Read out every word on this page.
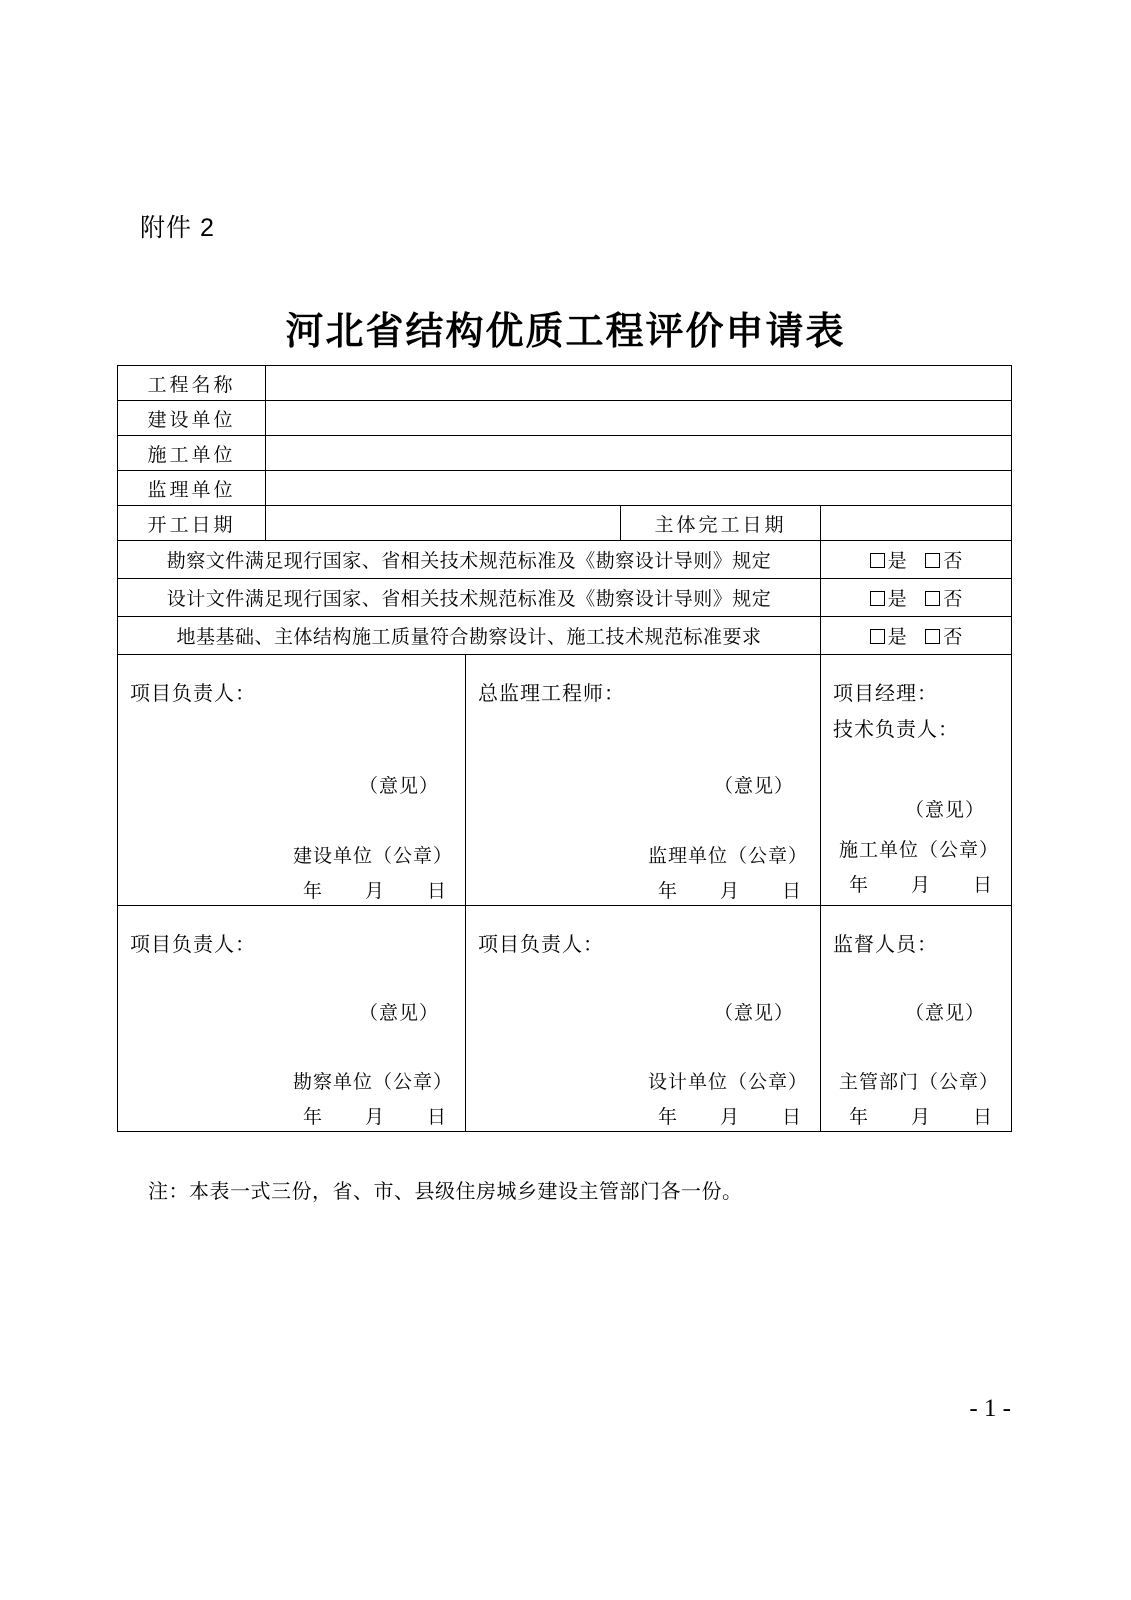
附件 2
河北省结构优质工程评价申请表
工程名称				
建设单位				
施工单位				
监理单位				
开工日期			主体完工日期	
勘察文件满足现行国家、省相关技术规范标准及《勘察设计导则》规定				是 否
设计文件满足现行国家、省相关技术规范标准及《勘察设计导则》规定				是 否
地基基础、主体结构施工质量符合勘察设计、施工技术规范标准要求				是 否

项目负责人：
（意见）
建设单位（公章）
年 月 日

总监理工程师：
（意见）
监理单位（公章）
年 月 日

项目经理：
技术负责人：
（意见）
施工单位（公章）
年 月 日

项目负责人：
（意见）
勘察单位（公章）
年 月 日

项目负责人：
（意见）
设计单位（公章）
年 月 日

监督人员：
（意见）
主管部门（公章）
年 月 日
注：本表一式三份，省、市、县级住房城乡建设主管部门各一份。
- 1 -
